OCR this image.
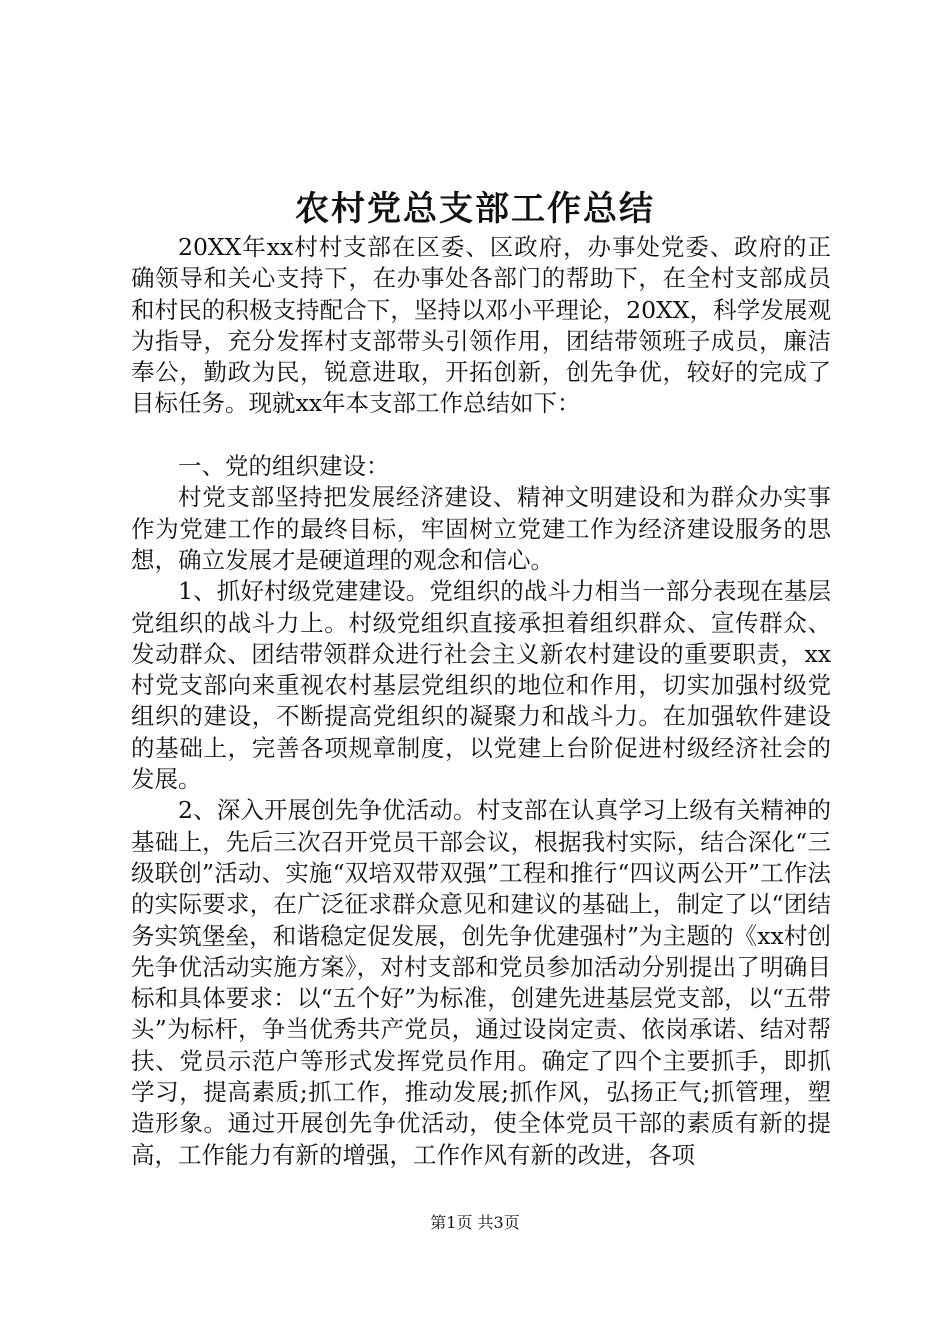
农村党总支部工作总结

20XX年xx村村支部在区委、区政府，办事处党委、政府的正确领导和关心支持下，在办事处各部门的帮助下，在全村支部成员和村民的积极支持配合下，坚持以邓小平理论，20XX，科学发展观为指导，充分发挥村支部带头引领作用，团结带领班子成员，廉洁奉公，勤政为民，锐意进取，开拓创新，创先争优，较好的完成了目标任务。现就xx年本支部工作总结如下：

一、党的组织建设：

村党支部坚持把发展经济建设、精神文明建设和为群众办实事作为党建工作的最终目标，牢固树立党建工作为经济建设服务的思想，确立发展才是硬道理的观念和信心。

1、抓好村级党建建设。党组织的战斗力相当一部分表现在基层党组织的战斗力上。村级党组织直接承担着组织群众、宣传群众、发动群众、团结带领群众进行社会主义新农村建设的重要职责，xx村党支部向来重视农村基层党组织的地位和作用，切实加强村级党组织的建设，不断提高党组织的凝聚力和战斗力。在加强软件建设的基础上，完善各项规章制度，以党建上台阶促进村级经济社会的发展。

2、深入开展创先争优活动。村支部在认真学习上级有关精神的基础上，先后三次召开党员干部会议，根据我村实际，结合深化“三级联创”活动、实施“双培双带双强”工程和推行“四议两公开”工作法的实际要求，在广泛征求群众意见和建议的基础上，制定了以“团结务实筑堡垒，和谐稳定促发展，创先争优建强村”为主题的《xx村创先争优活动实施方案》，对村支部和党员参加活动分别提出了明确目标和具体要求：以“五个好”为标准，创建先进基层党支部，以“五带头”为标杆，争当优秀共产党员，通过设岗定责、依岗承诺、结对帮扶、党员示范户等形式发挥党员作用。确定了四个主要抓手，即抓学习，提高素质;抓工作，推动发展;抓作风，弘扬正气;抓管理，塑造形象。通过开展创先争优活动，使全体党员干部的素质有新的提高，工作能力有新的增强，工作作风有新的改进，各项

第1页 共3页
